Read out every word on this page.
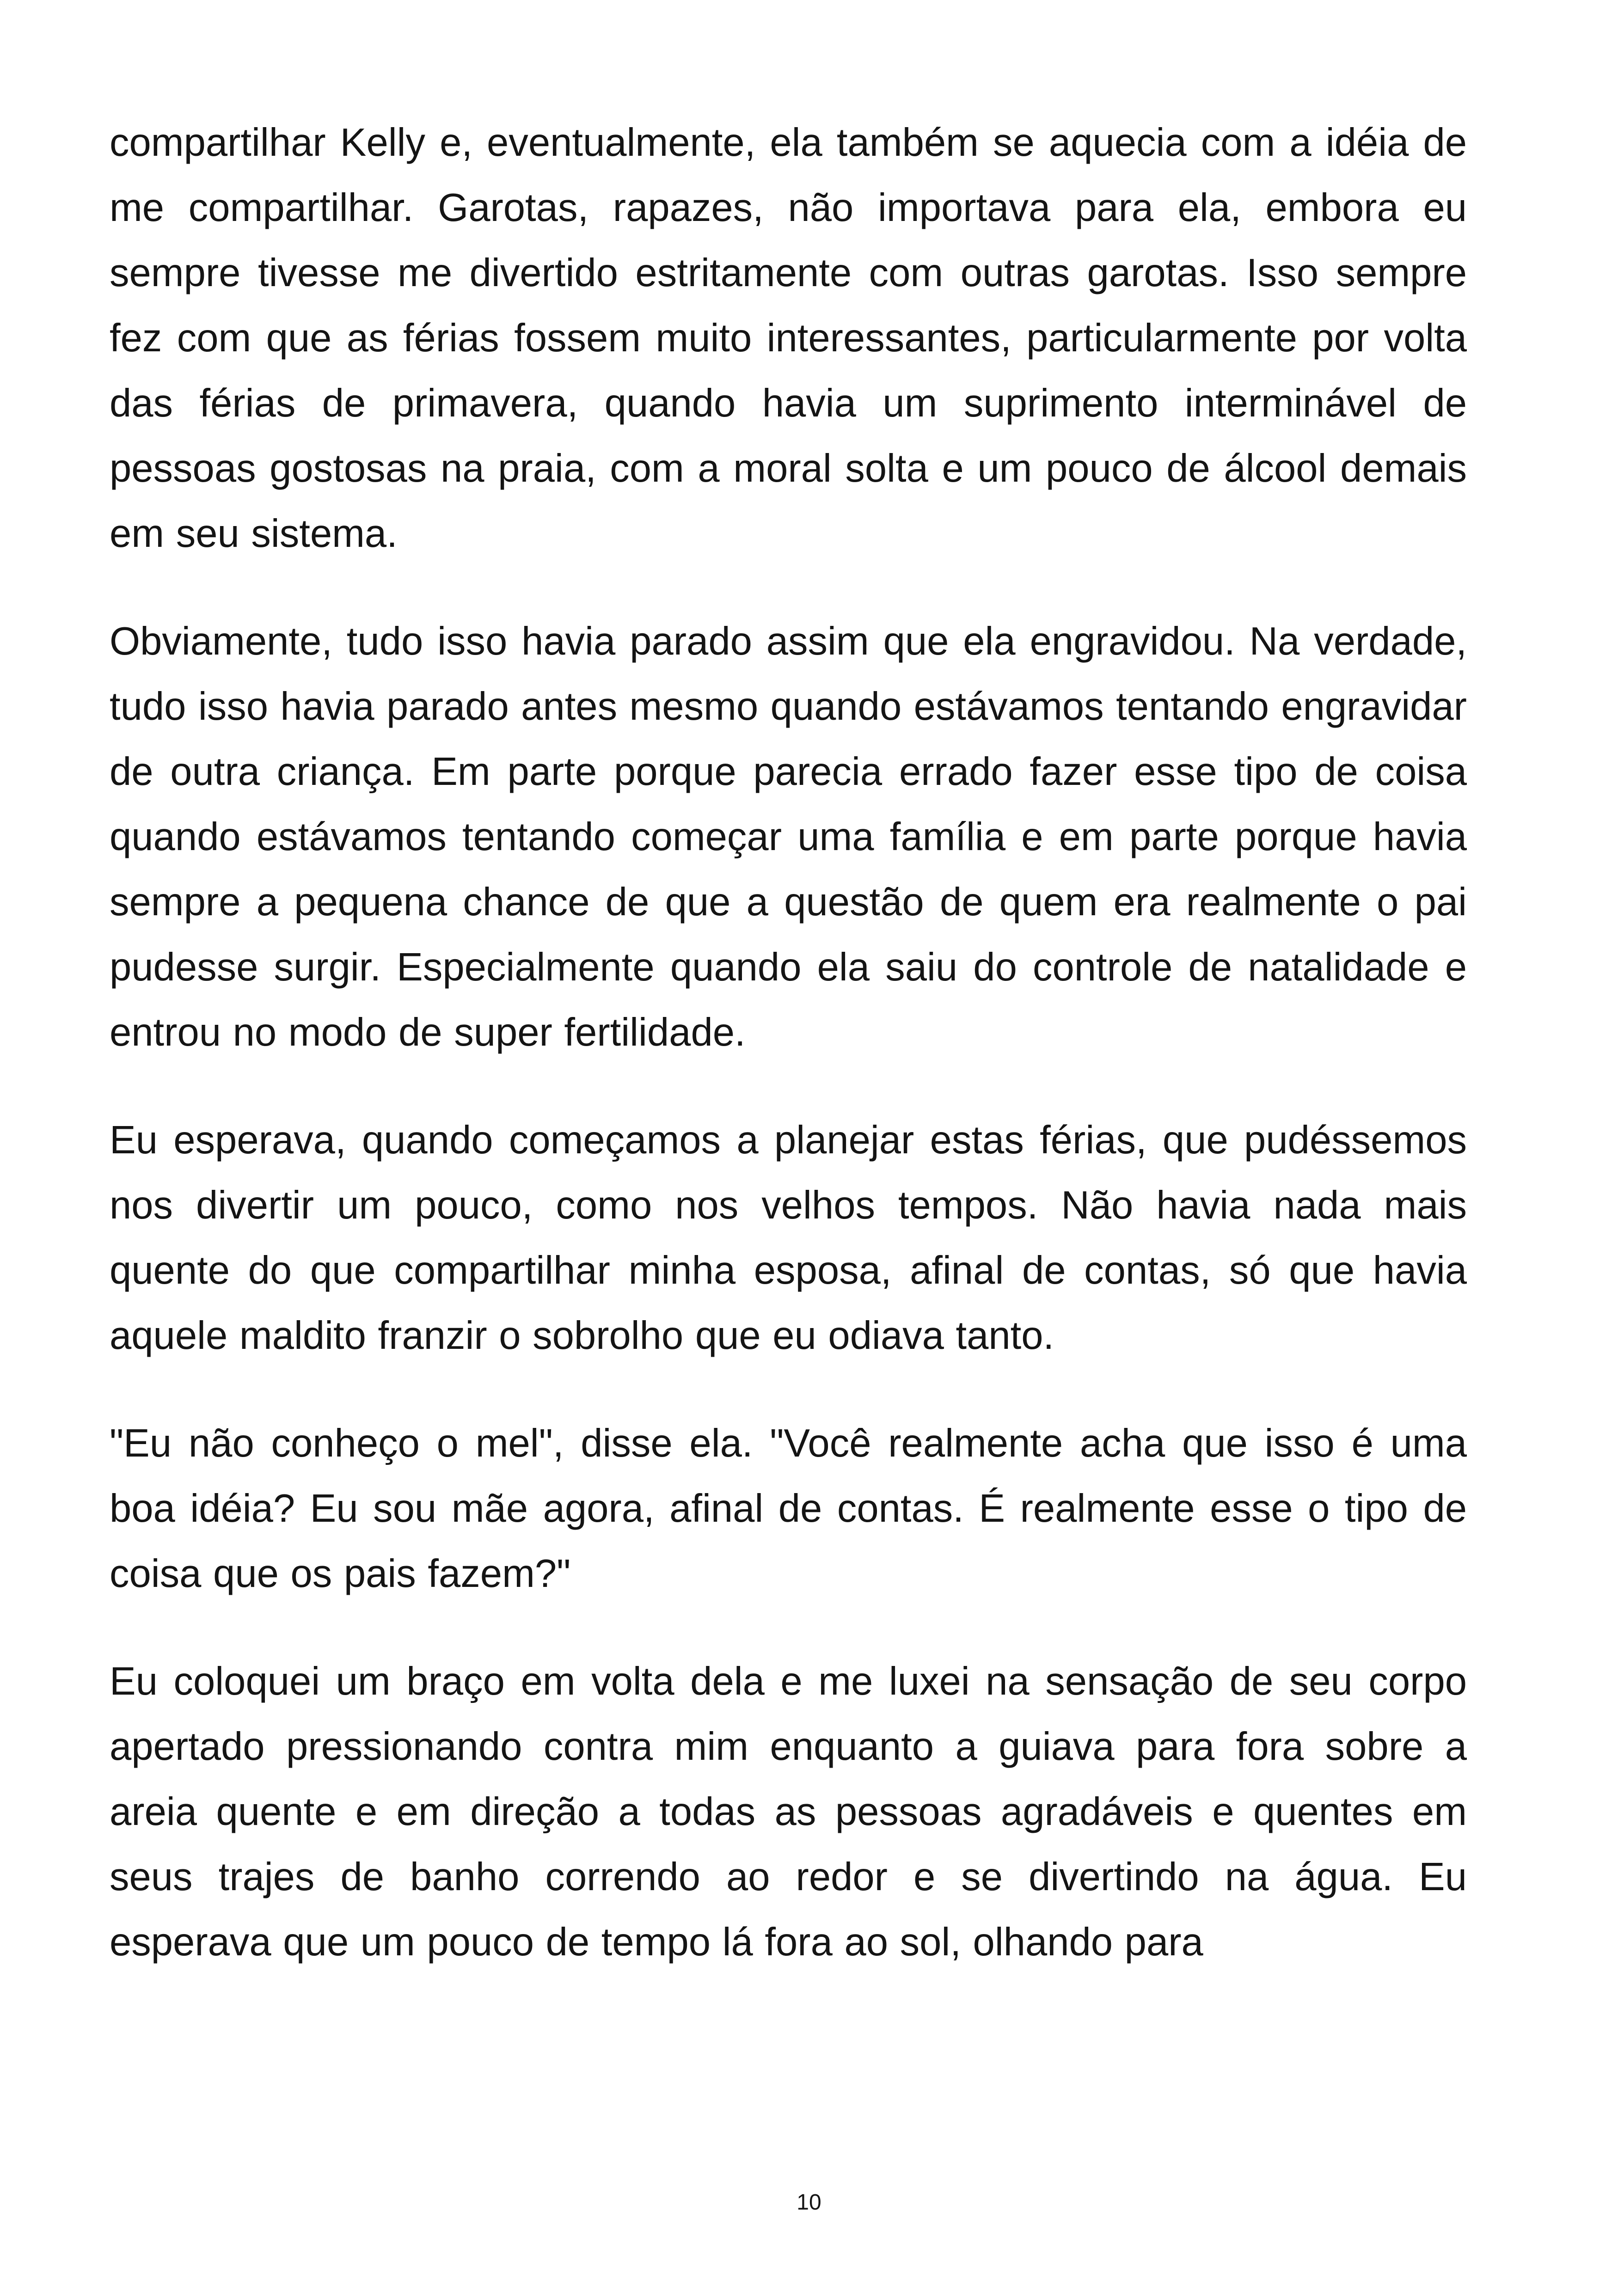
compartilhar Kelly e, eventualmente, ela também se aquecia com a idéia de me compartilhar. Garotas, rapazes, não importava para ela, embora eu sempre tivesse me divertido estritamente com outras garotas. Isso sempre fez com que as férias fossem muito interessantes, particularmente por volta das férias de primavera, quando havia um suprimento interminável de pessoas gostosas na praia, com a moral solta e um pouco de álcool demais em seu sistema.

Obviamente, tudo isso havia parado assim que ela engravidou. Na verdade, tudo isso havia parado antes mesmo quando estávamos tentando engravidar de outra criança. Em parte porque parecia errado fazer esse tipo de coisa quando estávamos tentando começar uma família e em parte porque havia sempre a pequena chance de que a questão de quem era realmente o pai pudesse surgir. Especialmente quando ela saiu do controle de natalidade e entrou no modo de super fertilidade.

Eu esperava, quando começamos a planejar estas férias, que pudéssemos nos divertir um pouco, como nos velhos tempos. Não havia nada mais quente do que compartilhar minha esposa, afinal de contas, só que havia aquele maldito franzir o sobrolho que eu odiava tanto.

"Eu não conheço o mel", disse ela. "Você realmente acha que isso é uma boa idéia? Eu sou mãe agora, afinal de contas. É realmente esse o tipo de coisa que os pais fazem?"

Eu coloquei um braço em volta dela e me luxei na sensação de seu corpo apertado pressionando contra mim enquanto a guiava para fora sobre a areia quente e em direção a todas as pessoas agradáveis e quentes em seus trajes de banho correndo ao redor e se divertindo na água. Eu esperava que um pouco de tempo lá fora ao sol, olhando para

10
